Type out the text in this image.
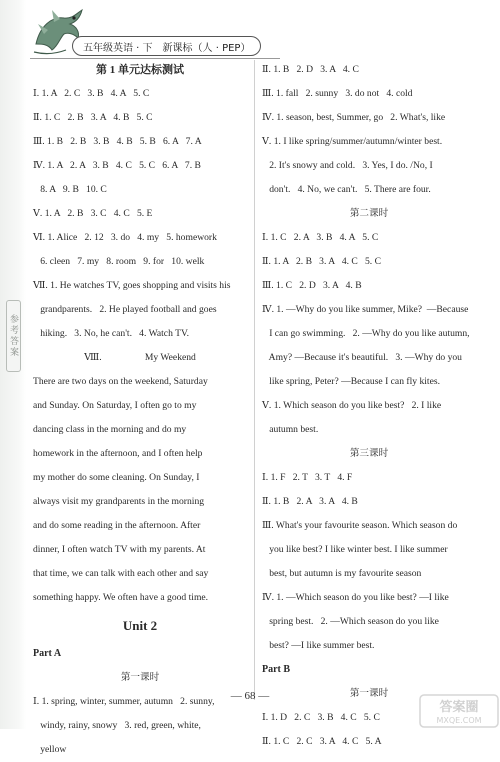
参考答案
五年级英语 · 下 新课标（人 · PEP）
第 1 单元达标测试
Ⅰ. 1. A   2. C   3. B   4. A   5. C
Ⅱ. 1. C   2. B   3. A   4. B   5. C
Ⅲ. 1. B   2. B   3. B   4. B   5. B   6. A   7. A
Ⅳ. 1. A   2. A   3. B   4. C   5. C   6. A   7. B
8. A   9. B   10. C
Ⅴ. 1. A   2. B   3. C   4. C   5. E
Ⅵ. 1. Alice   2. 12   3. do   4. my   5. homework
6. cleen   7. my   8. room   9. for   10. welk
Ⅶ. 1. He watches TV, goes shopping and visits his
grandparents.   2. He played football and goes
hiking.   3. No, he can't.   4. Watch TV.
Ⅷ.                  My Weekend
There are two days on the weekend, Saturday
and Sunday. On Saturday, I often go to my
dancing class in the morning and do my
homework in the afternoon, and I often help
my mother do some cleaning. On Sunday, I
always visit my grandparents in the morning
and do some reading in the afternoon. After
dinner, I often watch TV with my parents. At
that time, we can talk with each other and say
something happy. We often have a good time.
Unit 2
Part A
第一课时
Ⅰ. 1. spring, winter, summer, autumn   2. sunny,
windy, rainy, snowy   3. red, green, white,
yellow
Ⅱ. 1. B   2. D   3. A   4. C
Ⅲ. 1. fall   2. sunny   3. do not   4. cold
Ⅳ. 1. season, best, Summer, go   2. What's, like
Ⅴ. 1. I like spring/summer/autumn/winter best.
2. It's snowy and cold.   3. Yes, I do. /No, I
don't.   4. No, we can't.   5. There are four.
第二课时
Ⅰ. 1. C   2. A   3. B   4. A   5. C
Ⅱ. 1. A   2. B   3. A   4. C   5. C
Ⅲ. 1. C   2. D   3. A   4. B
Ⅳ. 1. —Why do you like summer, Mike?  —Because
I can go swimming.   2. —Why do you like autumn,
Amy? —Because it's beautiful.   3. —Why do you
like spring, Peter? —Because I can fly kites.
Ⅴ. 1. Which season do you like best?   2. I like
autumn best.
第三课时
Ⅰ. 1. F   2. T   3. T   4. F
Ⅱ. 1. B   2. A   3. A   4. B
Ⅲ. What's your favourite season. Which season do
you like best? I like winter best. I like summer
best, but autumn is my favourite season
Ⅳ. 1. —Which season do you like best? —I like
spring best.   2. —Which season do you like
best? —I like summer best.
Part B
第一课时
Ⅰ. 1. D   2. C   3. B   4. C   5. C
Ⅱ. 1. C   2. C   3. A   4. C   5. A
— 68 —
答案圈
MXQE.COM
